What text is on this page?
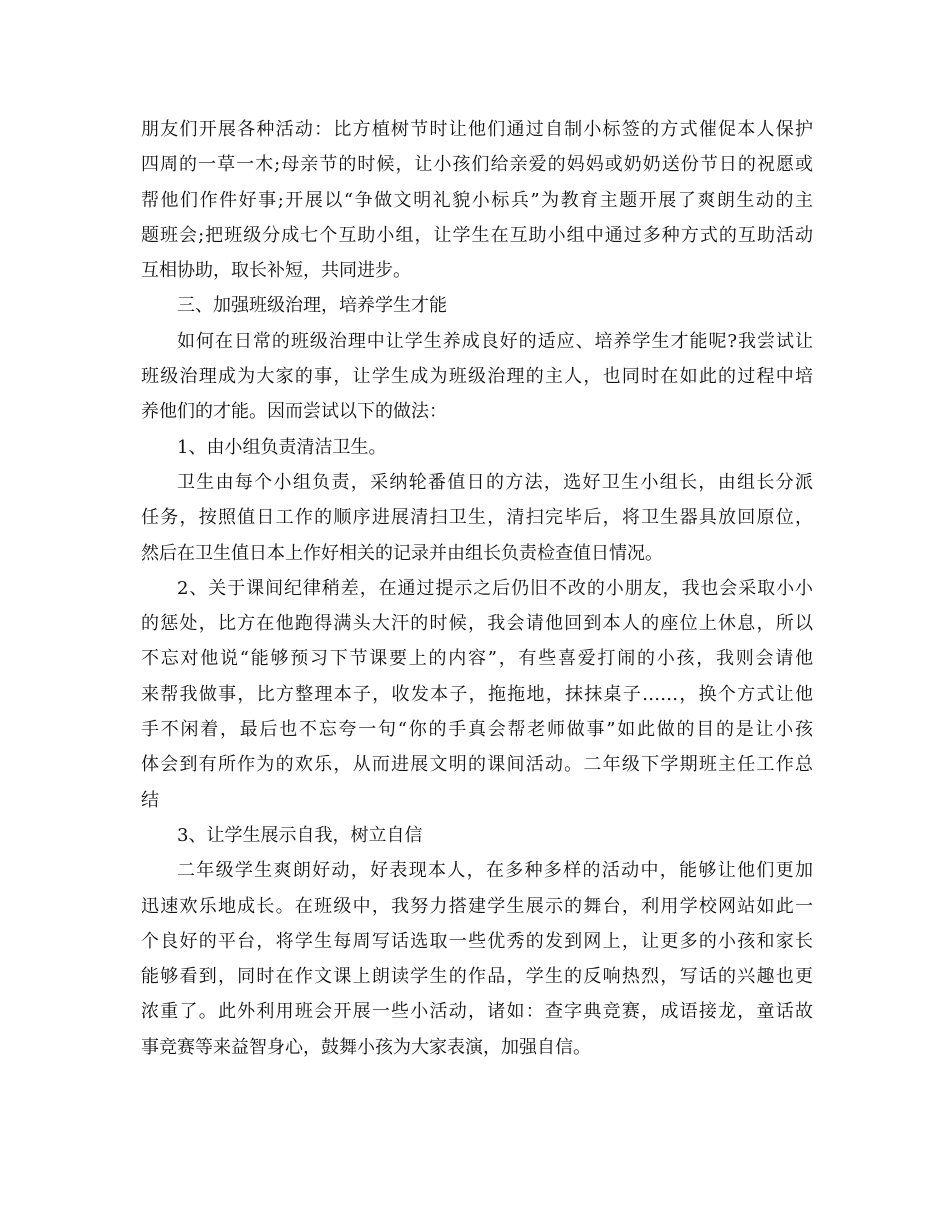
朋友们开展各种活动：比方植树节时让他们通过自制小标签的方式催促本人保护
四周的一草一木;母亲节的时候，让小孩们给亲爱的妈妈或奶奶送份节日的祝愿或
帮他们作件好事;开展以“争做文明礼貌小标兵”为教育主题开展了爽朗生动的主
题班会;把班级分成七个互助小组，让学生在互助小组中通过多种方式的互助活动
互相协助，取长补短，共同进步。
三、加强班级治理，培养学生才能
如何在日常的班级治理中让学生养成良好的适应、培养学生才能呢?我尝试让
班级治理成为大家的事，让学生成为班级治理的主人，也同时在如此的过程中培
养他们的才能。因而尝试以下的做法：
1、由小组负责清洁卫生。
卫生由每个小组负责，采纳轮番值日的方法，选好卫生小组长，由组长分派
任务，按照值日工作的顺序进展清扫卫生，清扫完毕后，将卫生器具放回原位，
然后在卫生值日本上作好相关的记录并由组长负责检查值日情况。
2、关于课间纪律稍差，在通过提示之后仍旧不改的小朋友，我也会采取小小
的惩处，比方在他跑得满头大汗的时候，我会请他回到本人的座位上休息，所以
不忘对他说“能够预习下节课要上的内容”，有些喜爱打闹的小孩，我则会请他
来帮我做事，比方整理本子，收发本子，拖拖地，抹抹桌子……，换个方式让他
手不闲着，最后也不忘夸一句“你的手真会帮老师做事”如此做的目的是让小孩
体会到有所作为的欢乐，从而进展文明的课间活动。二年级下学期班主任工作总
结
3、让学生展示自我，树立自信
二年级学生爽朗好动，好表现本人，在多种多样的活动中，能够让他们更加
迅速欢乐地成长。在班级中，我努力搭建学生展示的舞台，利用学校网站如此一
个良好的平台，将学生每周写话选取一些优秀的发到网上，让更多的小孩和家长
能够看到，同时在作文课上朗读学生的作品，学生的反响热烈，写话的兴趣也更
浓重了。此外利用班会开展一些小活动，诸如：查字典竞赛，成语接龙，童话故
事竞赛等来益智身心，鼓舞小孩为大家表演，加强自信。
